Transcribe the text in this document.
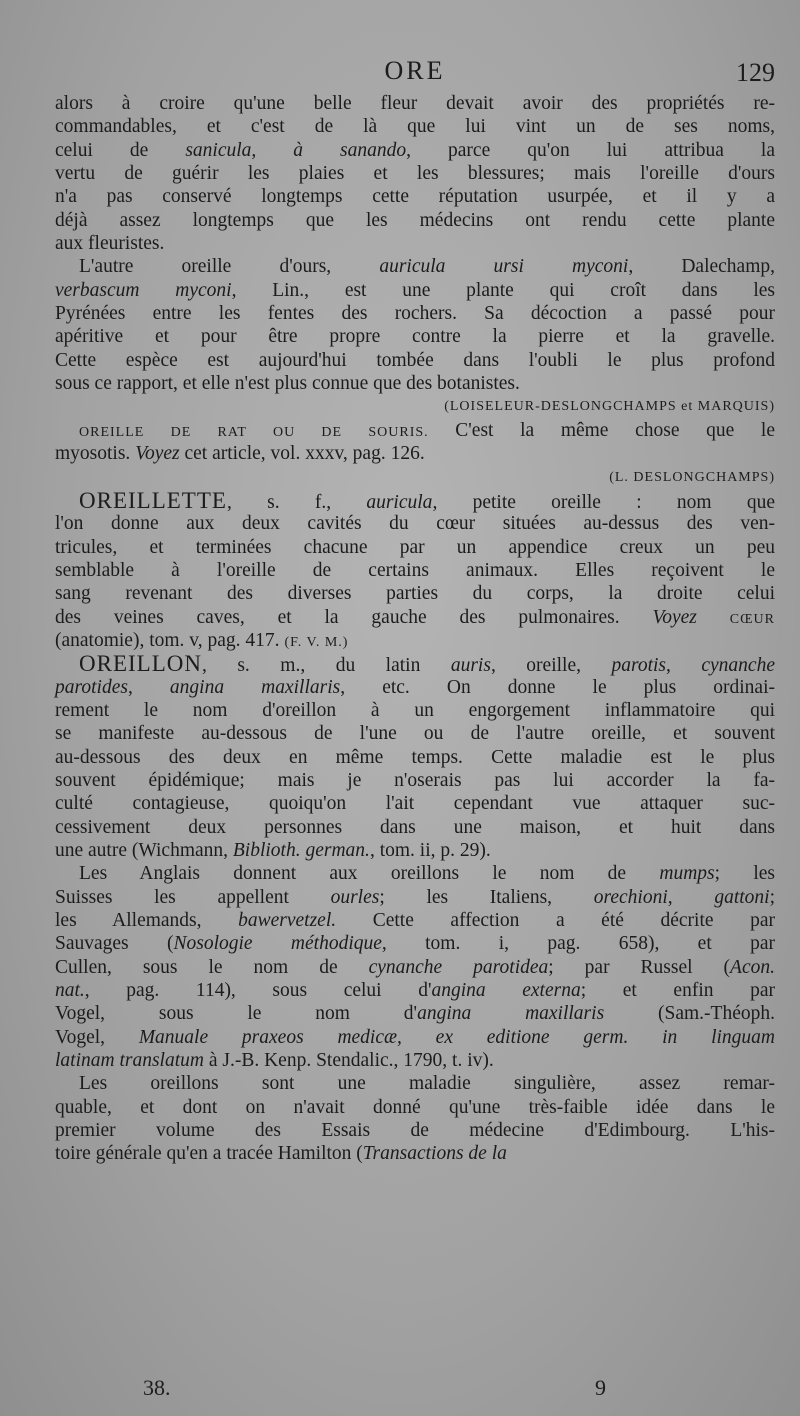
ORE	129
alors à croire qu'une belle fleur devait avoir des propriétés re-
commandables, et c'est de là que lui vint un de ses noms,
celui de sanicula, à sanando, parce qu'on lui attribua la
vertu de guérir les plaies et les blessures; mais l'oreille d'ours
n'a pas conservé longtemps cette réputation usurpée, et il y a
déjà assez longtemps que les médecins ont rendu cette plante
aux fleuristes.
L'autre oreille d'ours, auricula ursi myconi, Dalechamp,
verbascum myconi, Lin., est une plante qui croît dans les
Pyrénées entre les fentes des rochers. Sa décoction a passé pour
apéritive et pour être propre contre la pierre et la gravelle.
Cette espèce est aujourd'hui tombée dans l'oubli le plus profond
sous ce rapport, et elle n'est plus connue que des botanistes.
(LOISELEUR-DESLONGCHAMPS et MARQUIS)
OREILLE DE RAT OU DE SOURIS. C'est la même chose que le
myosotis. Voyez cet article, vol. xxxv, pag. 126.
(L. DESLONGCHAMPS)
OREILLETTE, s. f., auricula, petite oreille : nom que
l'on donne aux deux cavités du cœur situées au-dessus des ven-
tricules, et terminées chacune par un appendice creux un peu
semblable à l'oreille de certains animaux. Elles reçoivent le
sang revenant des diverses parties du corps, la droite celui
des veines caves, et la gauche des pulmonaires. Voyez CŒUR
(anatomie), tom. v, pag. 417. (F. V. M.)
OREILLON, s. m., du latin auris, oreille, parotis, cynanche
parotides, angina maxillaris, etc. On donne le plus ordinai-
rement le nom d'oreillon à un engorgement inflammatoire qui
se manifeste au-dessous de l'une ou de l'autre oreille, et souvent
au-dessous des deux en même temps. Cette maladie est le plus
souvent épidémique; mais je n'oserais pas lui accorder la fa-
culté contagieuse, quoiqu'on l'ait cependant vue attaquer suc-
cessivement deux personnes dans une maison, et huit dans
une autre (Wichmann, Biblioth. german., tom. ii, p. 29).
Les Anglais donnent aux oreillons le nom de mumps; les
Suisses les appellent ourles; les Italiens, orechioni, gattoni;
les Allemands, bawervetzel. Cette affection a été décrite par
Sauvages (Nosologie méthodique, tom. i, pag. 658), et par
Cullen, sous le nom de cynanche parotidea; par Russel (Acon.
nat., pag. 114), sous celui d'angina externa; et enfin par
Vogel, sous le nom d'angina maxillaris (Sam.-Théoph.
Vogel, Manuale praxeos medicæ, ex editione germ. in linguam
latinam translatum à J.-B. Kenp. Stendalic., 1790, t. iv).
Les oreillons sont une maladie singulière, assez remar-
quable, et dont on n'avait donné qu'une très-faible idée dans le
premier volume des Essais de médecine d'Edimbourg. L'his-
toire générale qu'en a tracée Hamilton (Transactions de la
38.	9
